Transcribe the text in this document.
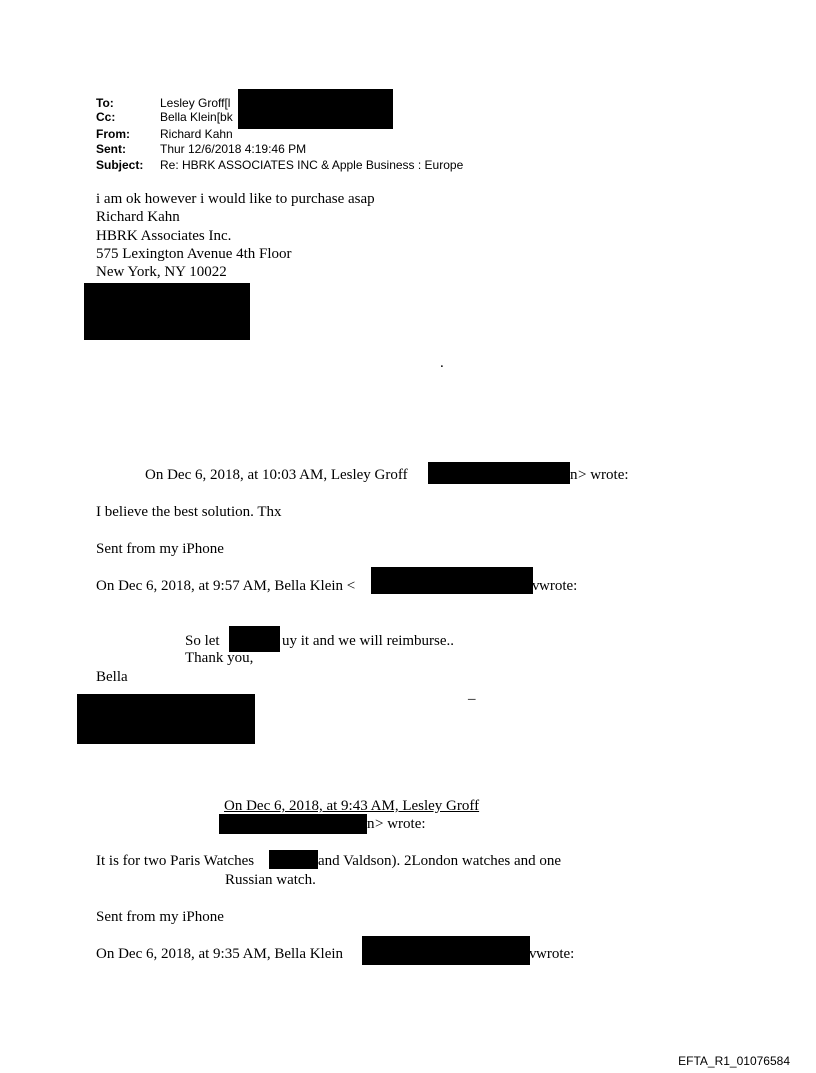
To:	Lesley Groff[l
Cc:	Bella Klein[bk
From:	Richard Kahn
Sent:	Thur 12/6/2018 4:19:46 PM
Subject: Re: HBRK ASSOCIATES INC & Apple Business : Europe
i am ok however i would like to purchase asap
Richard Kahn
HBRK Associates Inc.
575 Lexington Avenue 4th Floor
New York, NY 10022
.
On Dec 6, 2018, at 10:03 AM, Lesley Groff	n > wrote:
I believe the best solution. Thx
Sent from my iPhone
On Dec 6, 2018, at 9:57 AM, Bella Klein <	v wrote:
So let	uy it and we will reimburse..
Thank you,
Bella
–
On Dec 6, 2018, at 9:43 AM, Lesley Groff
n > wrote:
It is for two Paris Watches	and Valdson). 2London watches and one
Russian watch.
Sent from my iPhone
On Dec 6, 2018, at 9:35 AM, Bella Klein	v wrote:
EFTA_R1_01076584
